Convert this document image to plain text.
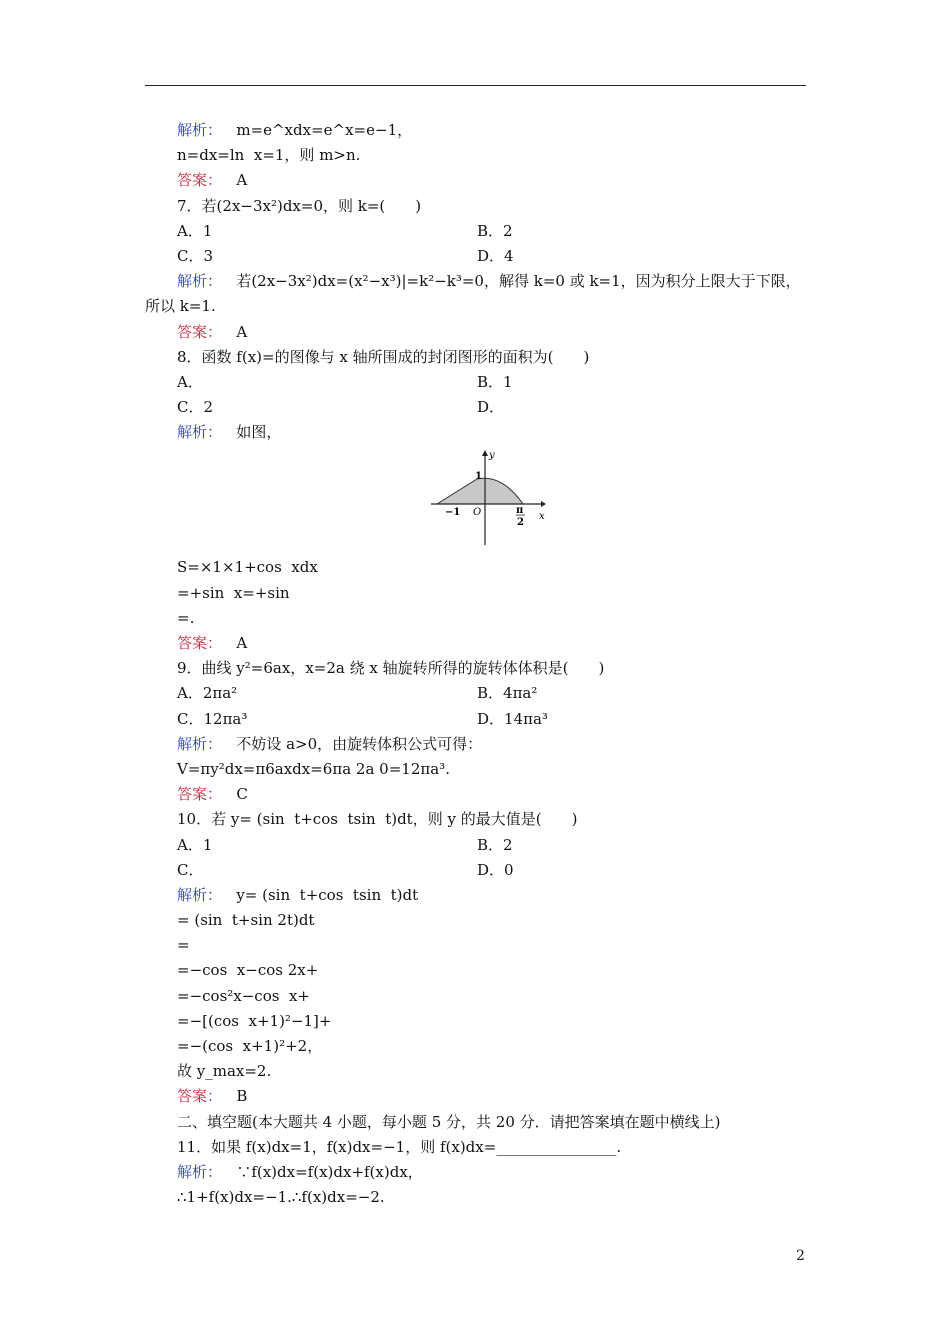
解析：   m=e^xdx=e^x=e−1，
n=dx=ln  x=1，则 m>n.
答案：   A
7．若(2x−3x²)dx=0，则 k=(　　)
A．1	B．2
C．3	D．4
解析：   若(2x−3x²)dx=(x²−x³)|=k²−k³=0，解得 k=0 或 k=1，因为积分上限大于下限，所以 k=1.
答案：   A
8．函数 f(x)=的图像与 x 轴所围成的封闭图形的面积为(　　)
A．	B．1
C．2	D．
解析：   如图，
y
x
1
−1 O	π
2
S=×1×1+cos  xdx
=+sin  x=+sin
=.
答案：   A
9．曲线 y²=6ax，x=2a 绕 x 轴旋转所得的旋转体体积是(　　)
A．2πa²	B．4πa²
C．12πa³	D．14πa³
解析：   不妨设 a>0，由旋转体积公式可得：
V=πy²dx=π6axdx=6πa 2a 0=12πa³.
答案：   C
10．若 y= (sin  t+cos  tsin  t)dt，则 y 的最大值是(　　)
A．1	B．2
C．	D．0
解析：   y= (sin  t+cos  tsin  t)dt
= (sin  t+sin 2t)dt
=
=−cos  x−cos 2x+
=−cos²x−cos  x+
=−[(cos  x+1)²−1]+
=−(cos  x+1)²+2，
故 y_max=2.
答案：   B
二、填空题(本大题共 4 小题，每小题 5 分，共 20 分．请把答案填在题中横线上)
11．如果 f(x)dx=1，f(x)dx=−1，则 f(x)dx=________________.
解析：   ∵f(x)dx=f(x)dx+f(x)dx，
∴1+f(x)dx=−1.∴f(x)dx=−2.
2
